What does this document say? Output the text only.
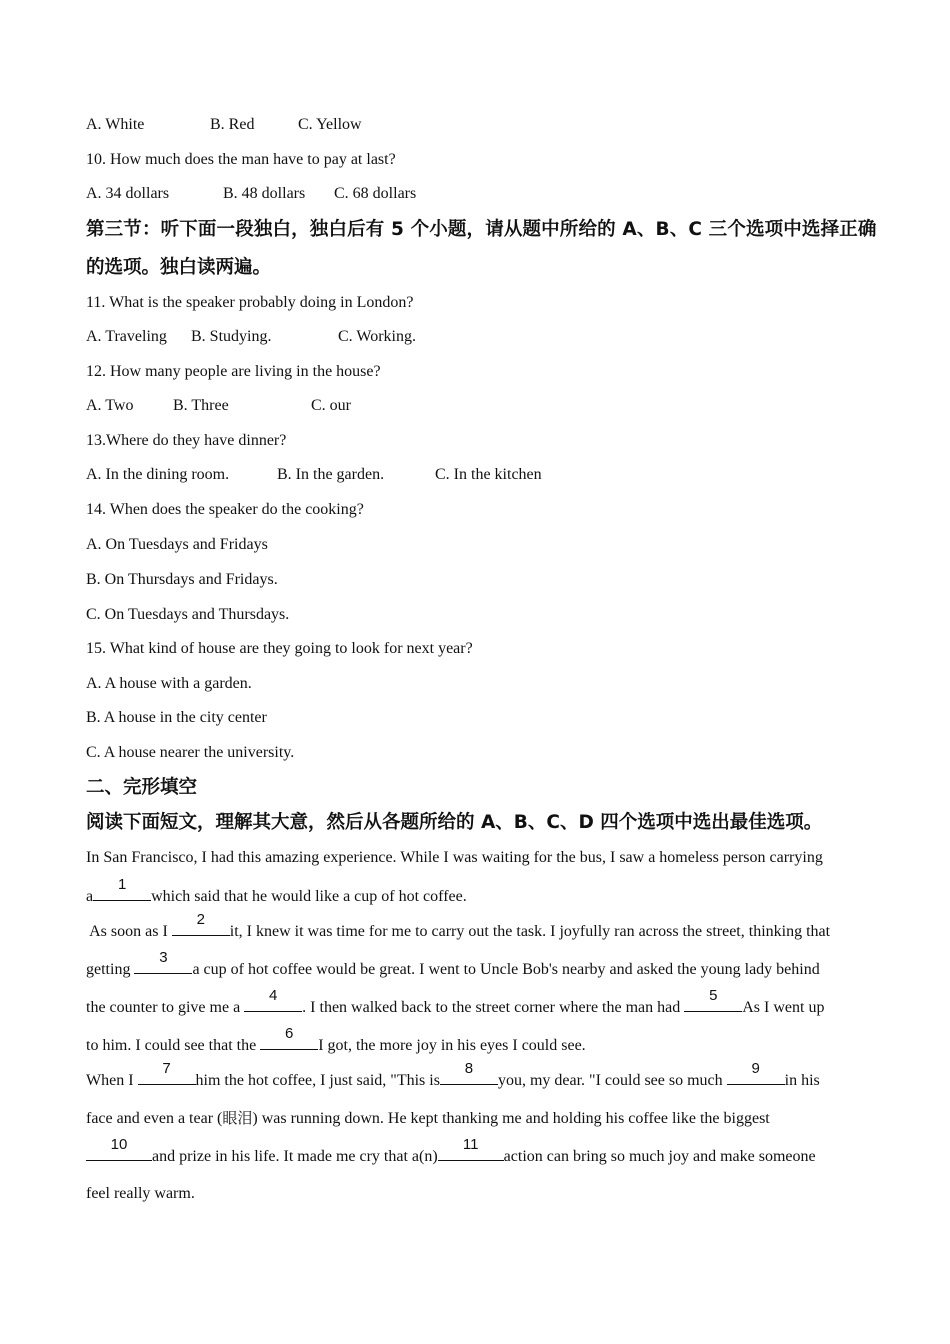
A. White	B. Red	C. Yellow
10. How much does the man have to pay at last?
A. 34 dollars	B. 48 dollars C. 68 dollars
第三节：听下面一段独白，独白后有 5 个小题，请从题中所给的 A、B、C 三个选项中选择正确
的选项。独白读两遍。
11. What is the speaker probably doing in London?
A. Traveling B. Studying.	C. Working.
12. How many people are living in the house?
A. Two B. Three	C. our
13.Where do they have dinner?
A. In the dining room.	B. In the garden.	C. In the kitchen
14. When does the speaker do the cooking?
A. On Tuesdays and Fridays
B. On Thursdays and Fridays.
C. On Tuesdays and Thursdays.
15. What kind of house are they going to look for next year?
A. A house with a garden.
B. A house in the city center
C. A house nearer the university.
二、完形填空
阅读下面短文，理解其大意，然后从各题所给的 A、B、C、D 四个选项中选出最佳选项。
In San Francisco, I had this amazing experience. While I was waiting for the bus, I saw a homeless person carrying
a
1
which said that he would like a cup of hot coffee.
As soon as I
2
it, I knew it was time for me to carry out the task. I joyfully ran across the street, thinking that
getting
3
a cup of hot coffee would be great. I went to Uncle Bob's nearby and asked the young lady behind
the counter to give me a
4
. I then walked back to the street corner where the man had
5
As I went up
to him. I could see that the
6
I got, the more joy in his eyes I could see.
When I
7
him the hot coffee, I just said, "This is
8
you, my dear. "I could see so much
9
in his
face and even a tear (眼泪) was running down. He kept thanking me and holding his coffee like the biggest
10
and prize in his life. It made me cry that a(n)
11
action can bring so much joy and make someone
feel really warm.
